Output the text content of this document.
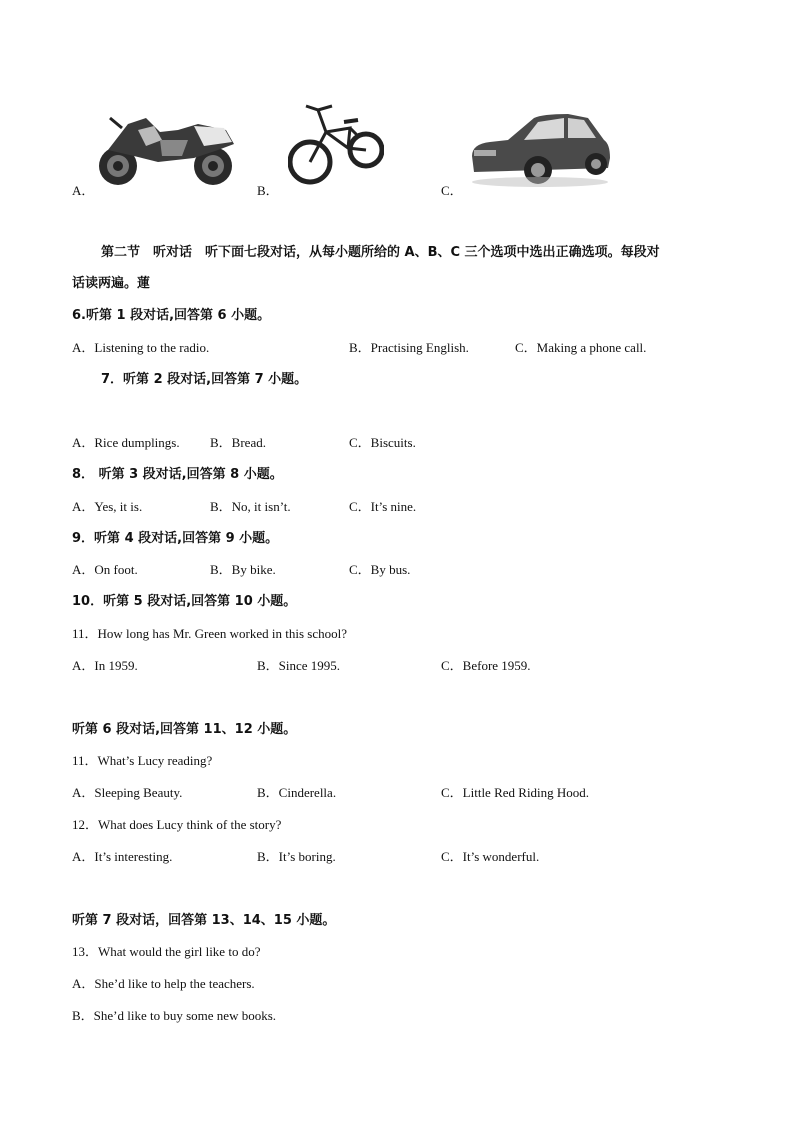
A．	B．	C．
第二节　听对话　听下面七段对话，从每小题所给的 A、B、C 三个选项中选出正确选项。每段对
话读两遍。蓮
6.听第 1 段对话,回答第 6 小题。
A．Listening to the radio.	B．Practising English.	C．Making a phone call.
7．听第 2 段对话,回答第 7 小题。
A．Rice dumplings. B．Bread.	C．Biscuits.
8． 听第 3 段对话,回答第 8 小题。
A．Yes, it is.	B．No, it isn’t.	C．It’s nine.
9．听第 4 段对话,回答第 9 小题。
A．On foot.	B．By bike.	C．By bus.
10．听第 5 段对话,回答第 10 小题。
11．How long has Mr. Green worked in this school?
A．In 1959.	B．Since 1995.	C．Before 1959.
听第 6 段对话,回答第 11、12 小题。
11．What’s Lucy reading?
A．Sleeping Beauty.	B．Cinderella.	C．Little Red Riding Hood.
12．What does Lucy think of the story?
A．It’s interesting.	B．It’s boring.	C．It’s wonderful.
听第 7 段对话，回答第 13、14、15 小题。
13．What would the girl like to do?
A．She’d like to help the teachers.
B．She’d like to buy some new books.
